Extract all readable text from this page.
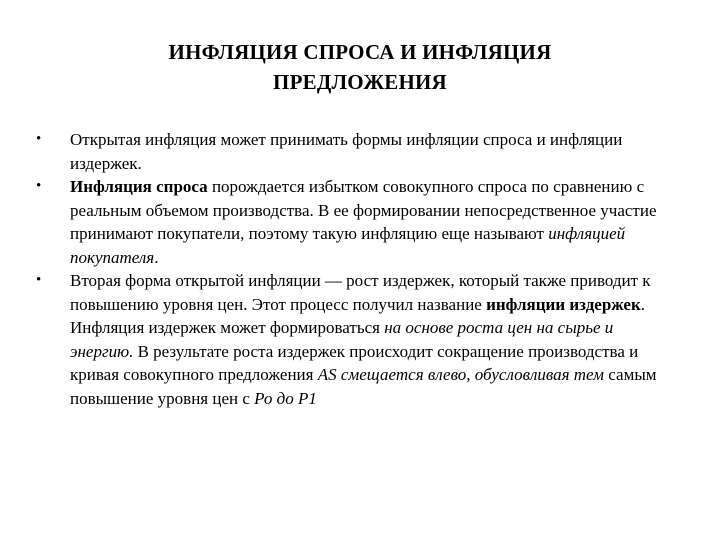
ИНФЛЯЦИЯ СПРОСА И ИНФЛЯЦИЯ
ПРЕДЛОЖЕНИЯ
•	Открытая инфляция может принимать формы инфляции спроса и инфляции издержек.
•	Инфляция спроса порождается избытком совокупного спроса по сравнению с реальным объемом производства. В ее формировании непосредственное участие принимают покупатели, поэтому такую инфляцию еще называют инфляцией покупателя.
•	Вторая форма открытой инфляции — рост издержек, который также приводит к повышению уровня цен. Этот процесс получил название инфляции издержек. Инфляция издержек может формироваться на основе роста цен на сырье и энергию. В результате роста издержек происходит сокращение производства и кривая совокупного предложения AS смещается влево, обусловливая тем самым повышение уровня цен с Ро до Р1
